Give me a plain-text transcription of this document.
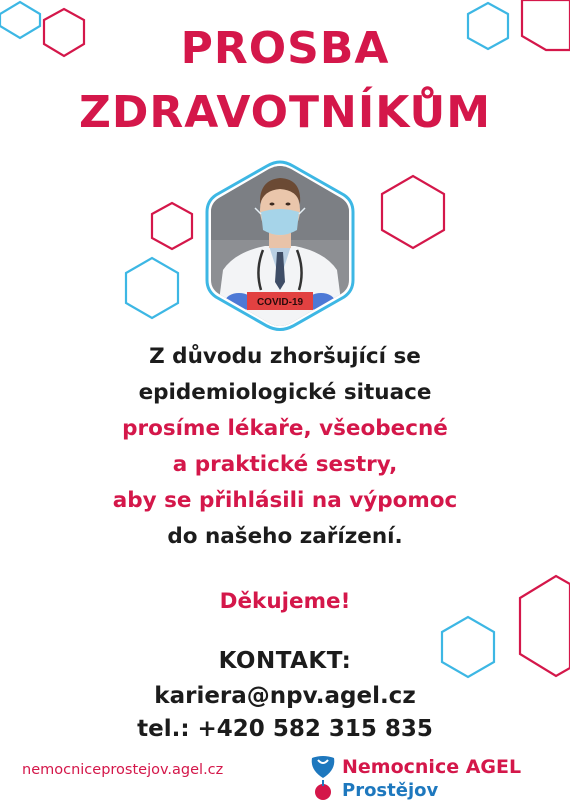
PROSBA
ZDRAVOTNÍKŮM
COVID-19
Z důvodu zhoršující se
epidemiologické situace
prosíme lékaře, všeobecné
a praktické sestry,
aby se přihlásili na výpomoc
do našeho zařízení.
Děkujeme!
KONTAKT:
kariera@npv.agel.cz
tel.: +420 582 315 835
nemocniceprostejov.agel.cz	Nemocnice AGEL
Prostějov
